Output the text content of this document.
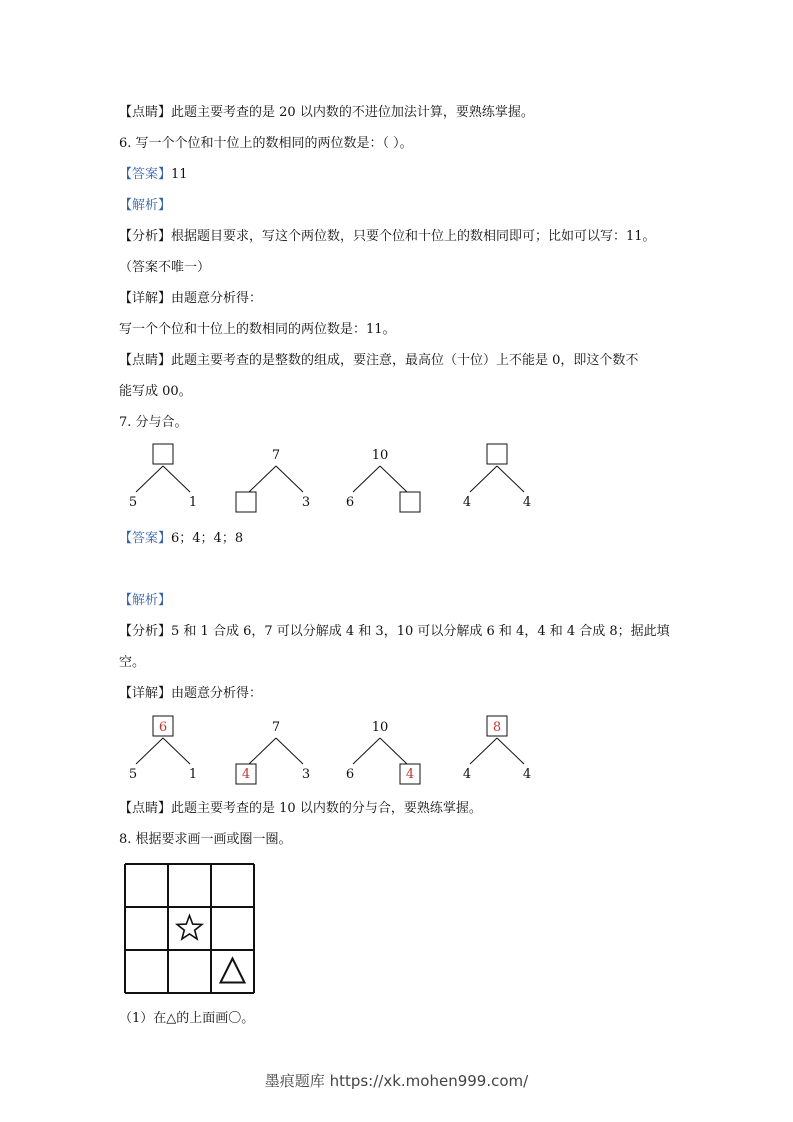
【点睛】此题主要考查的是 20 以内数的不进位加法计算，要熟练掌握。
6. 写一个个位和十位上的数相同的两位数是：（ ）。
【答案】11
【解析】
【分析】根据题目要求，写这个两位数，只要个位和十位上的数相同即可；比如可以写：11。
（答案不唯一）
【详解】由题意分析得：
写一个个位和十位上的数相同的两位数是：11。
【点睛】此题主要考查的是整数的组成，要注意，最高位（十位）上不能是 0，即这个数不
能写成 00。
7. 分与合。
【答案】6；4；4；8
【解析】
【分析】5 和 1 合成 6，7 可以分解成 4 和 3，10 可以分解成 6 和 4，4 和 4 合成 8；据此填
空。
【详解】由题意分析得：
【点睛】此题主要考查的是 10 以内数的分与合，要熟练掌握。
8. 根据要求画一画或圈一圈。
（1）在△的上面画〇。
5	1
7
3
10
6	4	4
6
5	1
7
4	3
10
6	4
8
4	4
墨痕题库 https://xk.mohen999.com/
